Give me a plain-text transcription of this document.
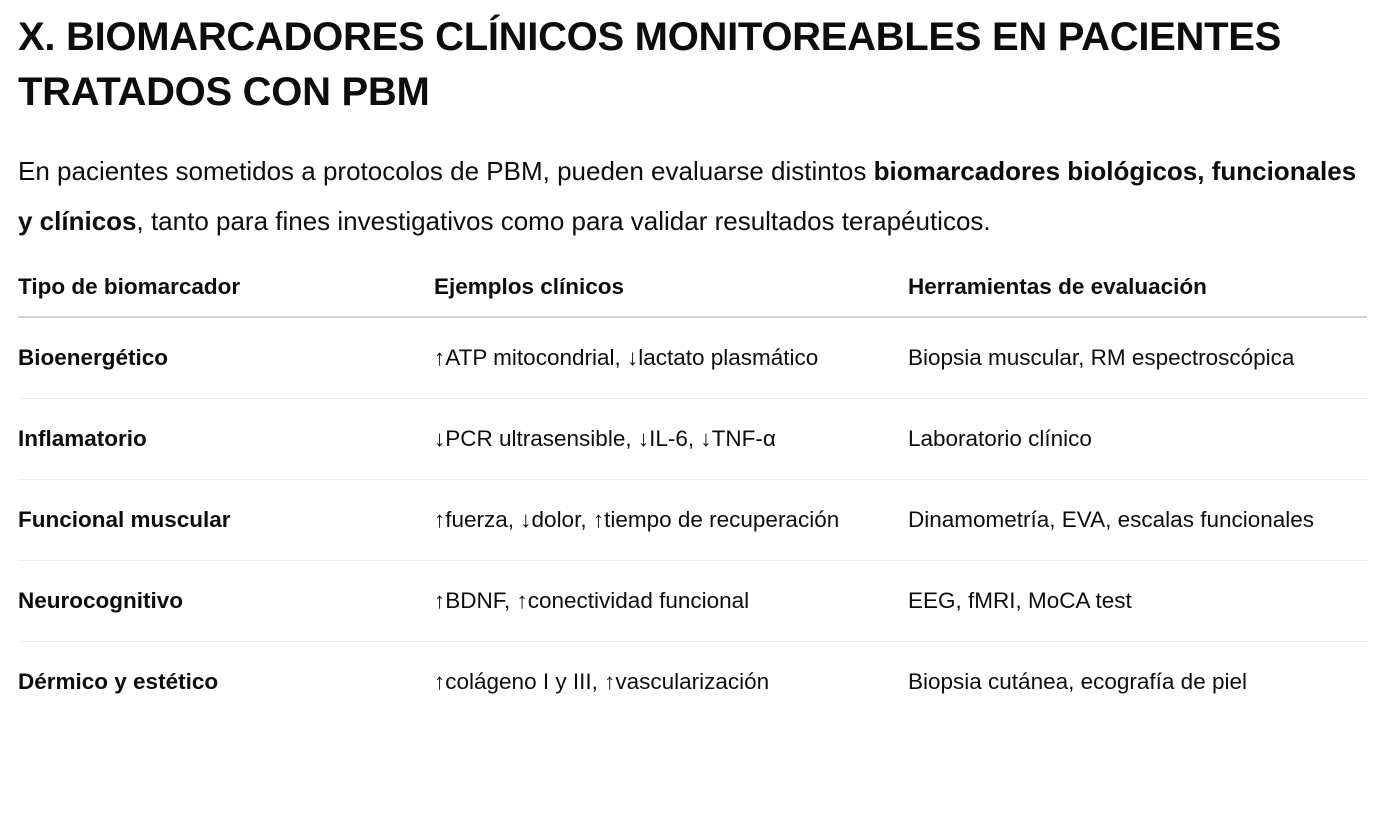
X. BIOMARCADORES CLÍNICOS MONITOREABLES EN PACIENTES TRATADOS CON PBM

En pacientes sometidos a protocolos de PBM, pueden evaluarse distintos biomarcadores biológicos, funcionales y clínicos, tanto para fines investigativos como para validar resultados terapéuticos.

Tipo de biomarcador	Ejemplos clínicos	Herramientas de evaluación
Bioenergético	↑ATP mitocondrial, ↓lactato plasmático	Biopsia muscular, RM espectroscópica
Inflamatorio	↓PCR ultrasensible, ↓IL-6, ↓TNF-α	Laboratorio clínico
Funcional muscular	↑fuerza, ↓dolor, ↑tiempo de recuperación	Dinamometría, EVA, escalas funcionales
Neurocognitivo	↑BDNF, ↑conectividad funcional	EEG, fMRI, MoCA test
Dérmico y estético	↑colágeno I y III, ↑vascularización	Biopsia cutánea, ecografía de piel
